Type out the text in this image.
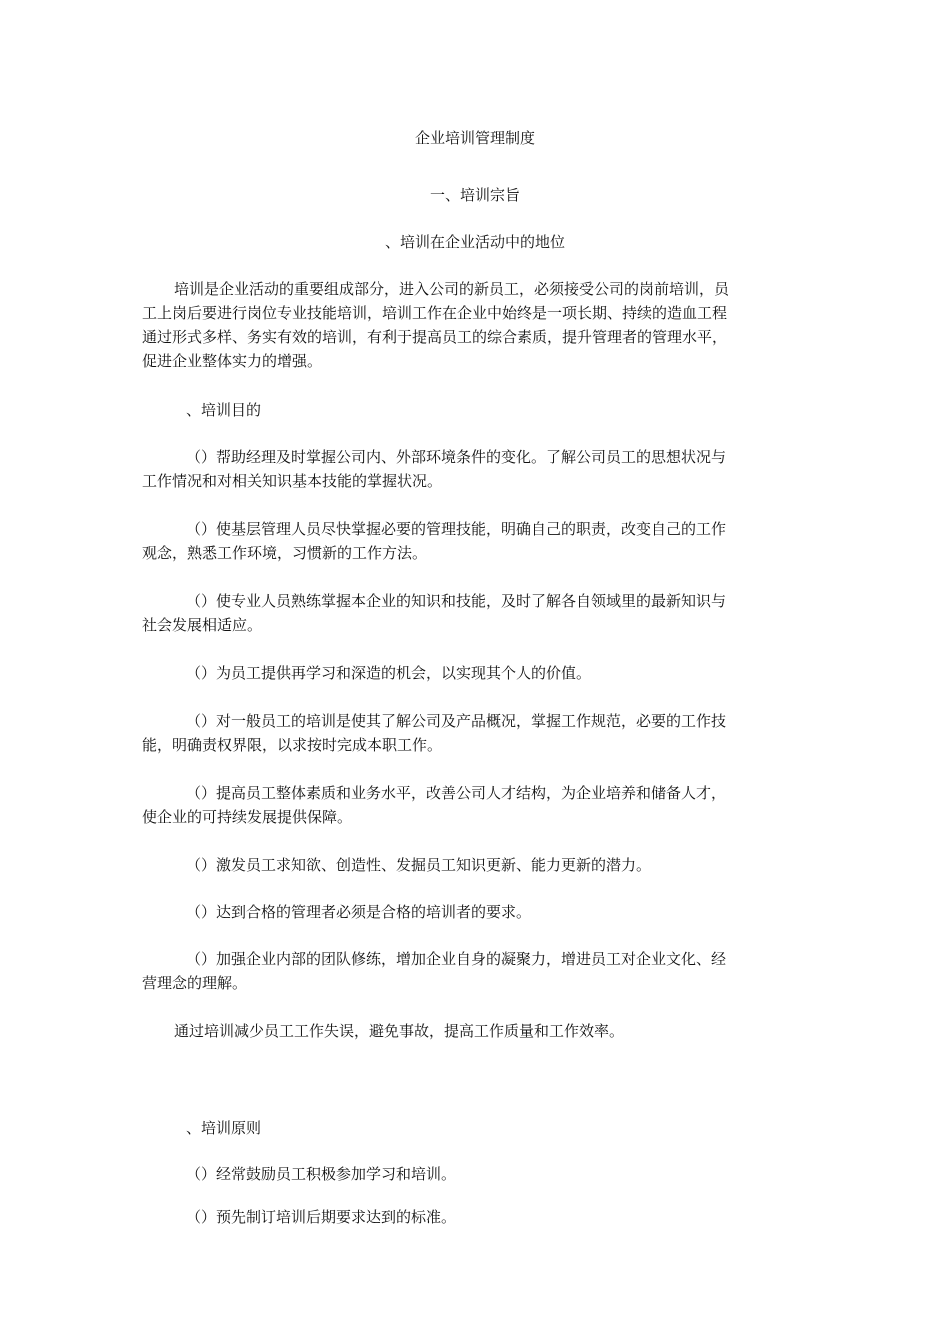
企业培训管理制度
一、培训宗旨
、培训在企业活动中的地位
培训是企业活动的重要组成部分，进入公司的新员工，必须接受公司的岗前培训，员
工上岗后要进行岗位专业技能培训，培训工作在企业中始终是一项长期、持续的造血工程
通过形式多样、务实有效的培训，有利于提高员工的综合素质，提升管理者的管理水平，
促进企业整体实力的增强。
、培训目的
（）帮助经理及时掌握公司内、外部环境条件的变化。了解公司员工的思想状况与
工作情况和对相关知识基本技能的掌握状况。
（）使基层管理人员尽快掌握必要的管理技能，明确自己的职责，改变自己的工作
观念，熟悉工作环境，习惯新的工作方法。
（）使专业人员熟练掌握本企业的知识和技能，及时了解各自领域里的最新知识与
社会发展相适应。
（）为员工提供再学习和深造的机会，以实现其个人的价值。
（）对一般员工的培训是使其了解公司及产品概况，掌握工作规范，必要的工作技
能，明确责权界限，以求按时完成本职工作。
（）提高员工整体素质和业务水平，改善公司人才结构，为企业培养和储备人才，
使企业的可持续发展提供保障。
（）激发员工求知欲、创造性、发掘员工知识更新、能力更新的潜力。
（）达到合格的管理者必须是合格的培训者的要求。
（）加强企业内部的团队修练，增加企业自身的凝聚力，增进员工对企业文化、经
营理念的理解。
通过培训减少员工工作失误，避免事故，提高工作质量和工作效率。
、培训原则
（）经常鼓励员工积极参加学习和培训。
（）预先制订培训后期要求达到的标准。
